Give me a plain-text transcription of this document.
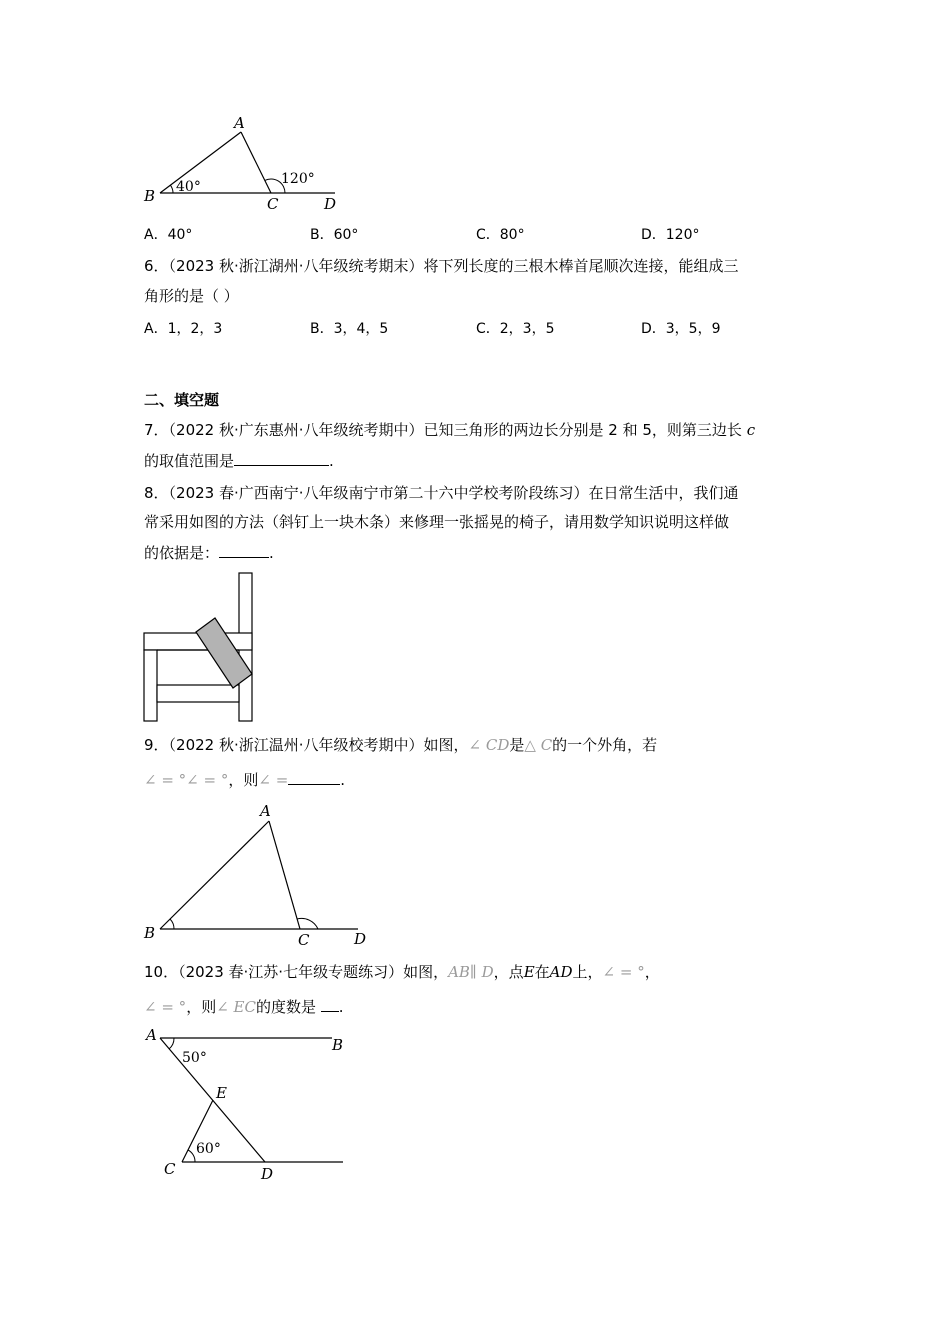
A
B	C	D
40°	120°
A．40°	B．60°	C．80°	D．120°
6．（2023 秋·浙江湖州·八年级统考期末）将下列长度的三根木棒首尾顺次连接，能组成三
角形的是（ ）
A．1，2，3	B．3，4，5	C．2，3，5	D．3，5，9
二、填空题
7．（2022 秋·广东惠州·八年级统考期中）已知三角形的两边长分别是 2 和 5，则第三边长 c
的取值范围是	.
8．（2023 春·广西南宁·八年级南宁市第二十六中学校考阶段练习）在日常生活中，我们通
常采用如图的方法（斜钉上一块木条）来修理一张摇晃的椅子，请用数学知识说明这样做
的依据是：	.
9．（2022 秋·浙江温州·八年级校考期中）如图，∠ CD是△ C的一个外角，若
∠ = °∠ = °，则∠ =	.
A
B	C	D
10．（2023 春·江苏·七年级专题练习）如图，AB∥ D，点E在AD上，∠ = °，
∠ = °，则∠ EC的度数是 .
A
B
E
C	D
50°
60°
